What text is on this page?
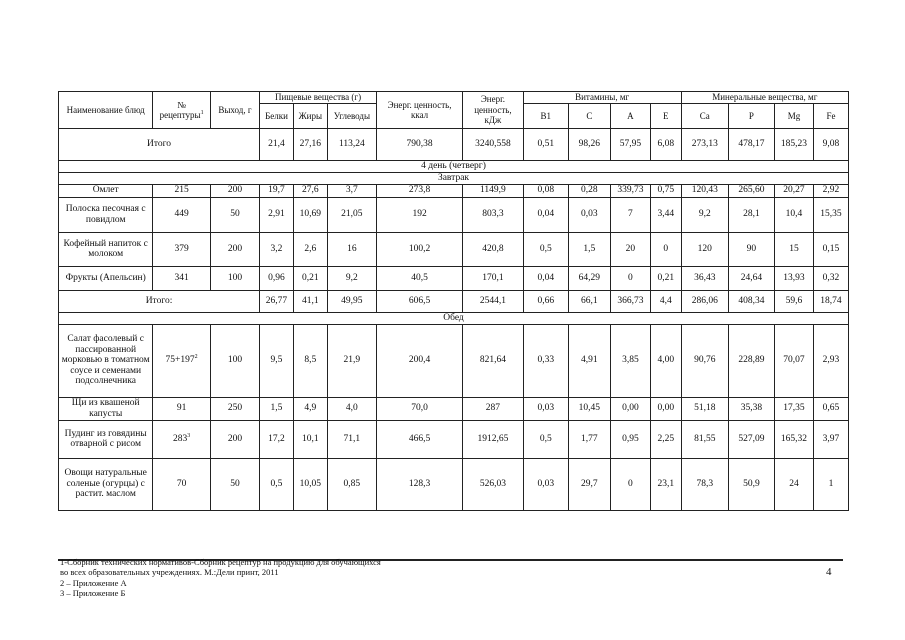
Наименование блюд	№ рецептуры$^1$	Выход, г	Пищевые вещества (г)			Энерг. ценность, ккал	Энерг. ценность, кДж	Витамины, мг				Минеральные вещества, мг			
			Белки	Жиры	Углеводы			B1	C	A	E	Ca	P	Mg	Fe
Итого			21,4	27,16	113,24	790,38	3240,558	0,51	98,26	57,95	6,08	273,13	478,17	185,23	9,08
4 день (четверг)															
Завтрак															
Омлет	215	200	19,7	27,6	3,7	273,8	1149,9	0,08	0,28	339,73	0,75	120,43	265,60	20,27	2,92
Полоска песочная с повидлом	449	50	2,91	10,69	21,05	192	803,3	0,04	0,03	7	3,44	9,2	28,1	10,4	15,35
Кофейный напиток с молоком	379	200	3,2	2,6	16	100,2	420,8	0,5	1,5	20	0	120	90	15	0,15
Фрукты (Апельсин)	341	100	0,96	0,21	9,2	40,5	170,1	0,04	64,29	0	0,21	36,43	24,64	13,93	0,32
Итого:			26,77	41,1	49,95	606,5	2544,1	0,66	66,1	366,73	4,4	286,06	408,34	59,6	18,74
Обед															
Салат фасолевый с пассированной морковью в томатном соусе и семенами подсолнечника	$75+197^2$	100	9,5	8,5	21,9	200,4	821,64	0,33	4,91	3,85	4,00	90,76	228,89	70,07	2,93
Щи из квашеной капусты	91	250	1,5	4,9	4,0	70,0	287	0,03	10,45	0,00	0,00	51,18	35,38	17,35	0,65
Пудинг из говядины отварной с рисом	$283^3$	200	17,2	10,1	71,1	466,5	1912,65	0,5	1,77	0,95	2,25	81,55	527,09	165,32	3,97
Овощи натуральные соленые (огурцы) с растит. маслом	70	50	0,5	10,05	0,85	128,3	526,03	0,03	29,7	0	23,1	78,3	50,9	24	1
1-Сборник технических нормативов-Сборник рецептур на продукцию для обучающихся
во всех образовательных учреждениях. М.:Дели принт, 2011
2 – Приложение А
3 – Приложение Б
4
